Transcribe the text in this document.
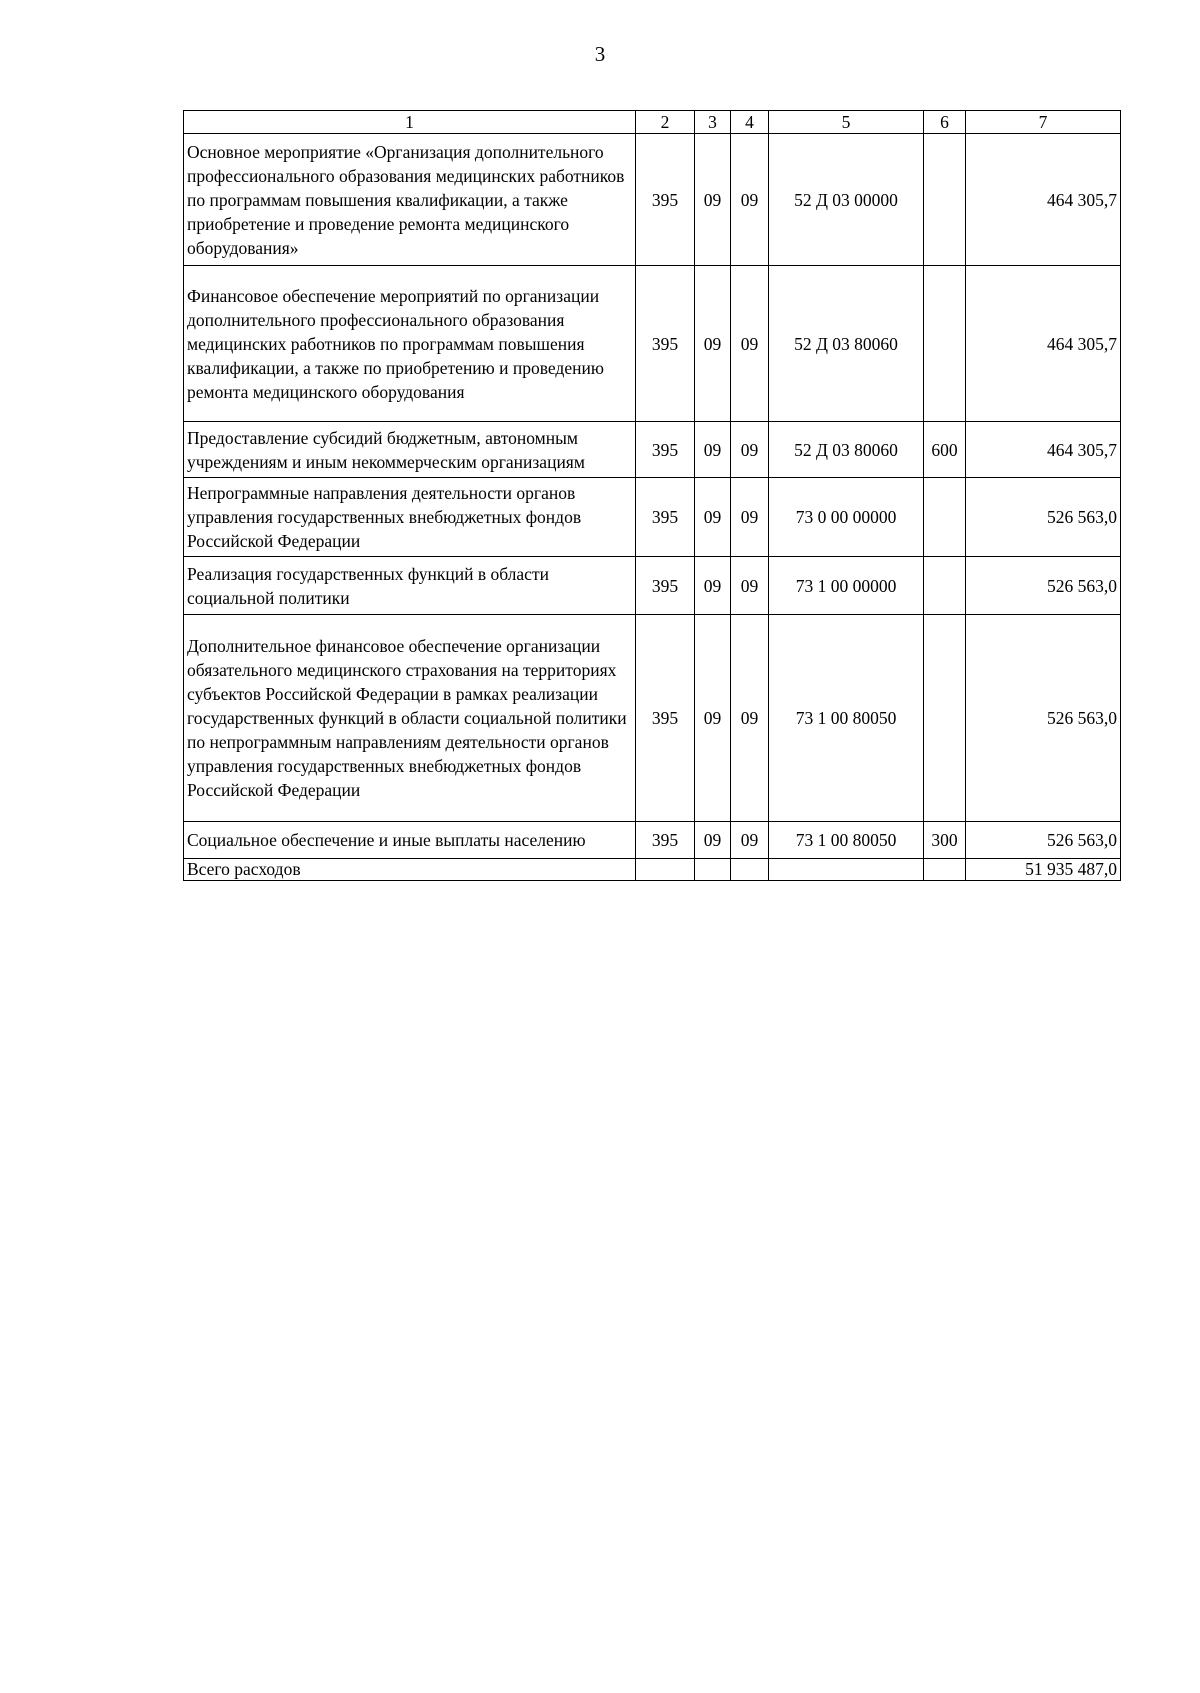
3
1	2	3	4	5	6	7
Основное мероприятие «Организация дополнительного профессионального образования медицинских работников по программам повышения квалификации, а также приобретение и проведение ремонта медицинского оборудования»	395	09	09	52 Д 03 00000		464 305,7
Финансовое обеспечение мероприятий по организации дополнительного профессионального образования медицинских работников по программам повышения квалификации, а также по приобретению и проведению ремонта медицинского оборудования	395	09	09	52 Д 03 80060		464 305,7
Предоставление субсидий бюджетным, автономным учреждениям и иным некоммерческим организациям	395	09	09	52 Д 03 80060	600	464 305,7
Непрограммные направления деятельности органов управления государственных внебюджетных фондов Российской Федерации	395	09	09	73 0 00 00000		526 563,0
Реализация государственных функций в области социальной политики	395	09	09	73 1 00 00000		526 563,0
Дополнительное финансовое обеспечение организации обязательного медицинского страхования на территориях субъектов Российской Федерации в рамках реализации государственных функций в области социальной политики по непрограммным направлениям деятельности органов управления государственных внебюджетных фондов Российской Федерации	395	09	09	73 1 00 80050		526 563,0
Социальное обеспечение и иные выплаты населению	395	09	09	73 1 00 80050	300	526 563,0
Всего расходов						51 935 487,0
